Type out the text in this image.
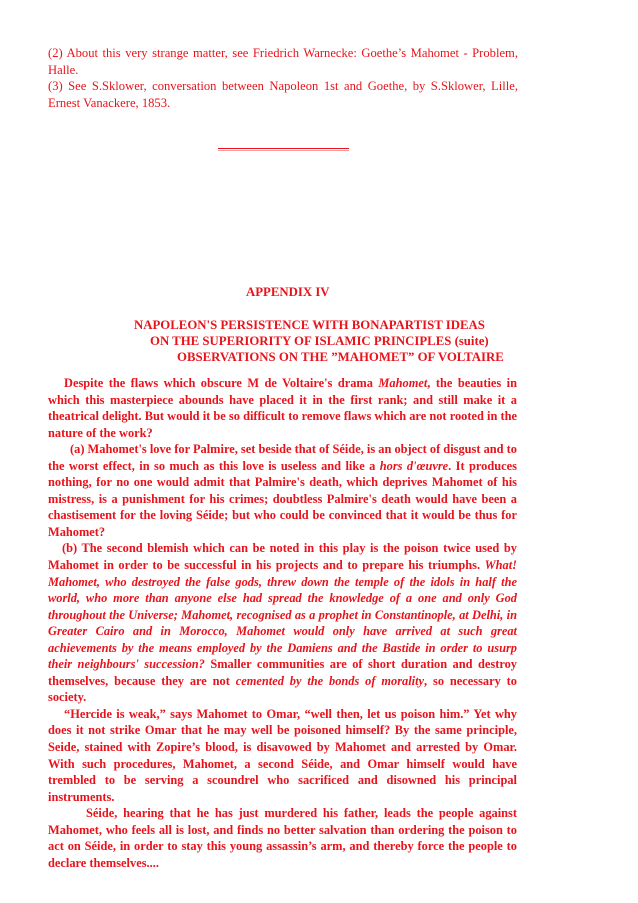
(2) About this very strange matter, see Friedrich Warnecke: Goethe’s Mahomet - Problem, Halle.

(3) See S.Sklower, conversation between Napoleon 1st and Goethe, by S.Sklower, Lille, Ernest Vanackere, 1853.

APPENDIX IV
NAPOLEON'S PERSISTENCE WITH BONAPARTIST IDEAS
ON THE SUPERIORITY OF ISLAMIC PRINCIPLES (suite)
OBSERVATIONS ON THE ”MAHOMET” OF VOLTAIRE

Despite the flaws which obscure M de Voltaire's drama Mahomet, the beauties in which this masterpiece abounds have placed it in the first rank; and still make it a theatrical delight. But would it be so difficult to remove flaws which are not rooted in the nature of the work?

(a) Mahomet's love for Palmire, set beside that of Séide, is an object of disgust and to the worst effect, in so much as this love is useless and like a hors d'œuvre. It produces nothing, for no one would admit that Palmire's death, which deprives Mahomet of his mistress, is a punishment for his crimes; doubtless Palmire's death would have been a chastisement for the loving Séide; but who could be convinced that it would be thus for Mahomet?

(b) The second blemish which can be noted in this play is the poison twice used by Mahomet in order to be successful in his projects and to prepare his triumphs. What! Mahomet, who destroyed the false gods, threw down the temple of the idols in half the world, who more than anyone else had spread the knowledge of a one and only God throughout the Universe; Mahomet, recognised as a prophet in Constantinople, at Delhi, in Greater Cairo and in Morocco, Mahomet would only have arrived at such great achievements by the means employed by the Damiens and the Bastide in order to usurp their neighbours' succession? Smaller communities are of short duration and destroy themselves, because they are not cemented by the bonds of morality, so necessary to society.

“Hercide is weak,” says Mahomet to Omar, “well then, let us poison him.” Yet why does it not strike Omar that he may well be poisoned himself? By the same principle, Seide, stained with Zopire’s blood, is disavowed by Mahomet and arrested by Omar. With such procedures, Mahomet, a second Séide, and Omar himself would have trembled to be serving a scoundrel who sacrificed and disowned his principal instruments.

Séide, hearing that he has just murdered his father, leads the people against Mahomet, who feels all is lost, and finds no better salvation than ordering the poison to act on Séide, in order to stay this young assassin’s arm, and thereby force the people to declare themselves....
